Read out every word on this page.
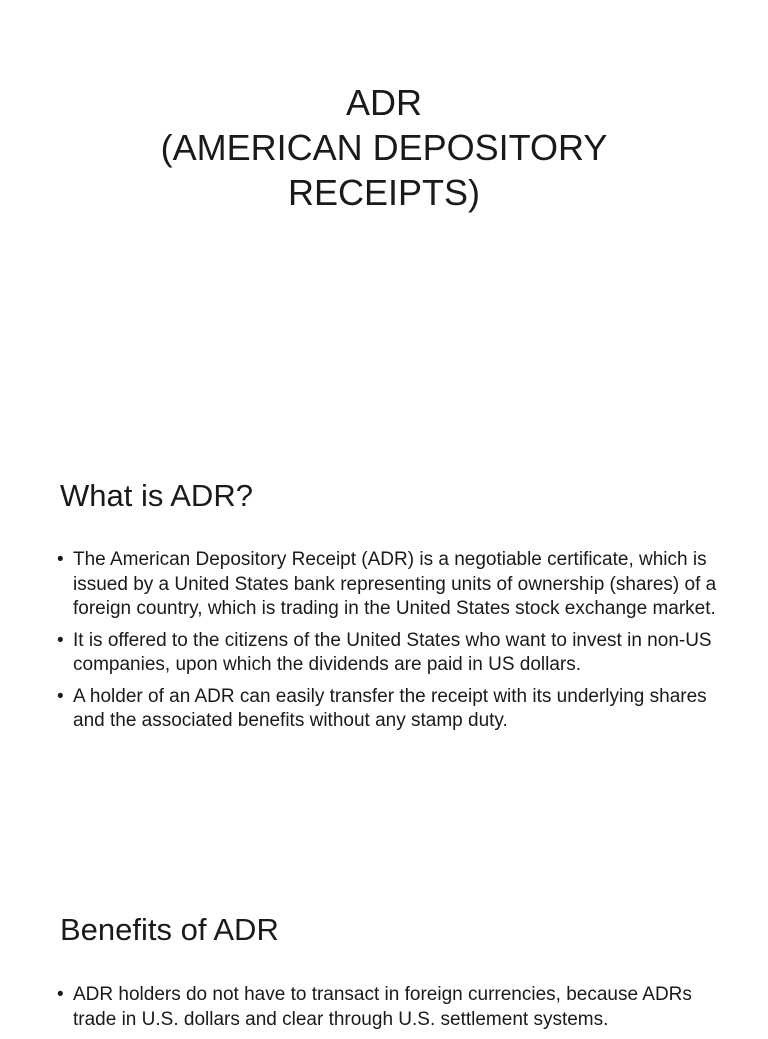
ADR
(AMERICAN DEPOSITORY
RECEIPTS)
What is ADR?
• The American Depository Receipt (ADR) is a negotiable certificate, which is issued by a United States bank representing units of ownership (shares) of a foreign country, which is trading in the United States stock exchange market.
• It is offered to the citizens of the United States who want to invest in non-US companies, upon which the dividends are paid in US dollars.
• A holder of an ADR can easily transfer the receipt with its underlying shares and the associated benefits without any stamp duty.
Benefits of ADR
• ADR holders do not have to transact in foreign currencies, because ADRs trade in U.S. dollars and clear through U.S. settlement systems.
